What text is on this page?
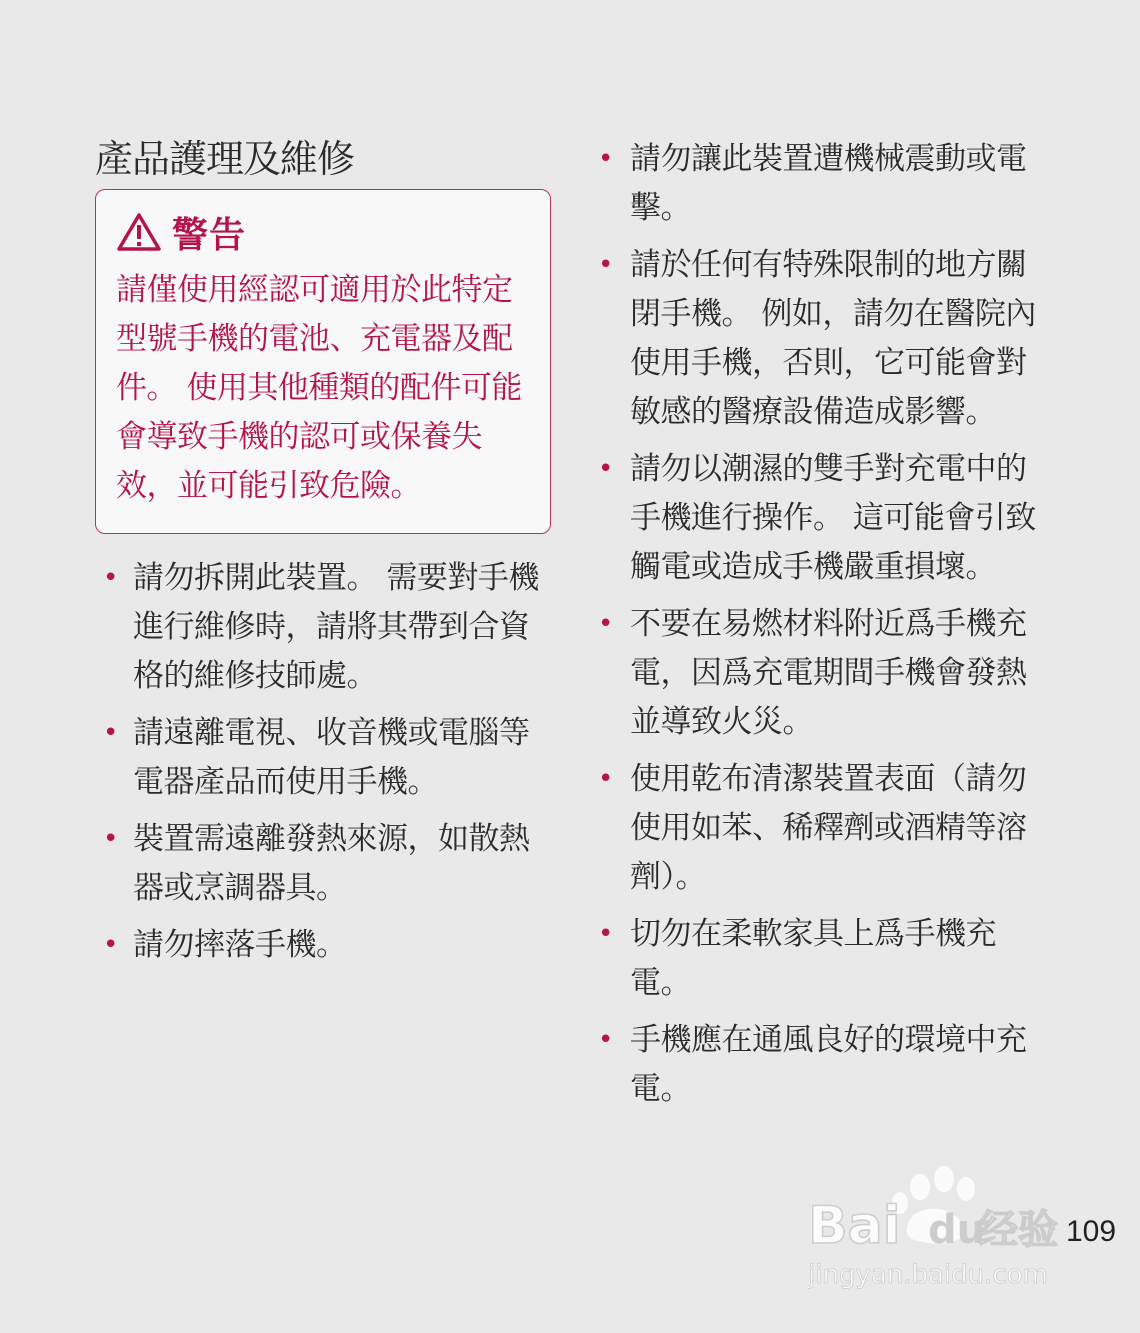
產品護理及維修
警告

請僅使用經認可適用於此特定型號手機的電池、充電器及配件。 使用其他種類的配件可能會導致手機的認可或保養失效，並可能引致危險。

• 請勿拆開此裝置。 需要對手機進行維修時，請將其帶到合資格的維修技師處。
• 請遠離電視、收音機或電腦等電器產品而使用手機。
• 裝置需遠離發熱來源，如散熱器或烹調器具。
• 請勿摔落手機。
• 請勿讓此裝置遭機械震動或電擊。
• 請於任何有特殊限制的地方關閉手機。 例如，請勿在醫院內使用手機，否則，它可能會對敏感的醫療設備造成影響。
• 請勿以潮濕的雙手對充電中的手機進行操作。 這可能會引致觸電或造成手機嚴重損壞。
• 不要在易燃材料附近爲手機充電，因爲充電期間手機會發熱並導致火災。
• 使用乾布清潔裝置表面（請勿使用如苯、稀釋劑或酒精等溶劑）。
• 切勿在柔軟家具上爲手機充電。
• 手機應在通風良好的環境中充電。
Bai du
经验
jingyan.baidu.com
109
